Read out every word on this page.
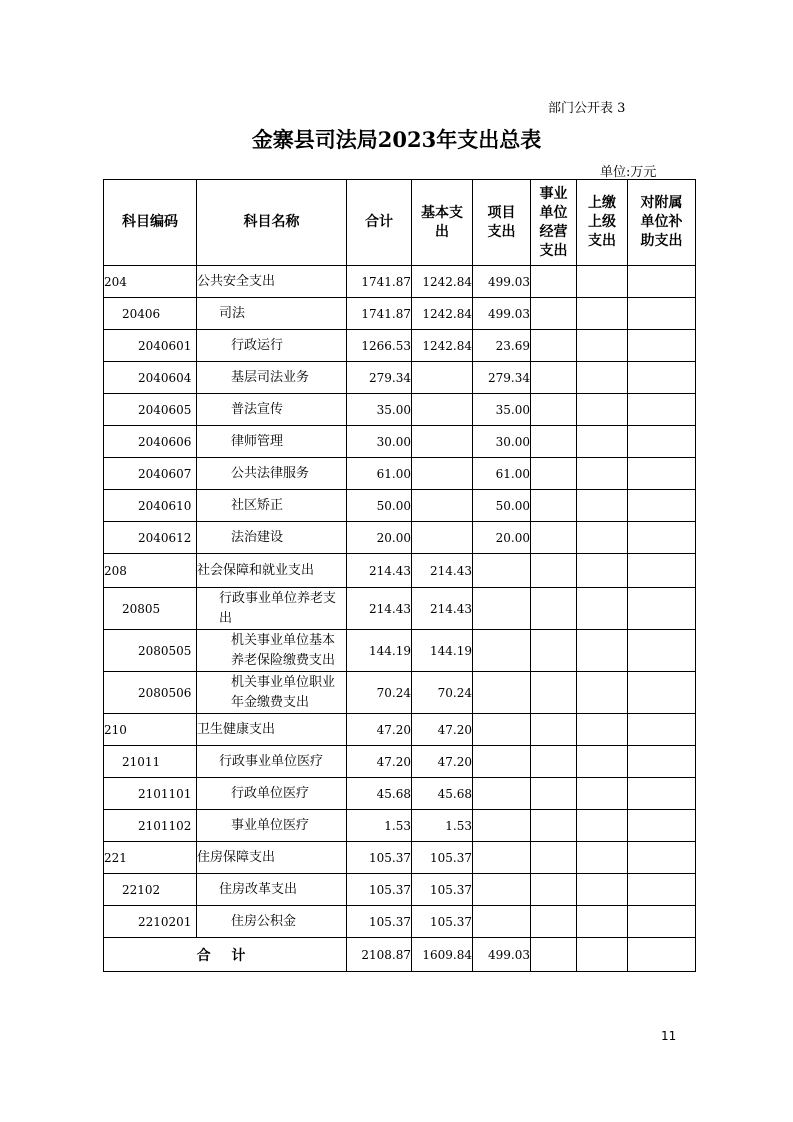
部门公开表 3
金寨县司法局2023年支出总表
单位:万元
科目编码	科目名称	合计	基本支出	项目支出	事业单位经营支出	上缴上级支出	对附属单位补助支出
204	公共安全支出	1741.87	1242.84	499.03			
20406	司法	1741.87	1242.84	499.03			
2040601	行政运行	1266.53	1242.84	23.69			
2040604	基层司法业务	279.34		279.34			
2040605	普法宣传	35.00		35.00			
2040606	律师管理	30.00		30.00			
2040607	公共法律服务	61.00		61.00			
2040610	社区矫正	50.00		50.00			
2040612	法治建设	20.00		20.00			
208	社会保障和就业支出	214.43	214.43				
20805	行政事业单位养老支出	214.43	214.43				
2080505	机关事业单位基本养老保险缴费支出	144.19	144.19				
2080506	机关事业单位职业年金缴费支出	70.24	70.24				
210	卫生健康支出	47.20	47.20				
21011	行政事业单位医疗	47.20	47.20				
2101101	行政单位医疗	45.68	45.68				
2101102	事业单位医疗	1.53	1.53				
221	住房保障支出	105.37	105.37				
22102	住房改革支出	105.37	105.37				
2210201	住房公积金	105.37	105.37				
合 计		2108.87	1609.84	499.03			
11
